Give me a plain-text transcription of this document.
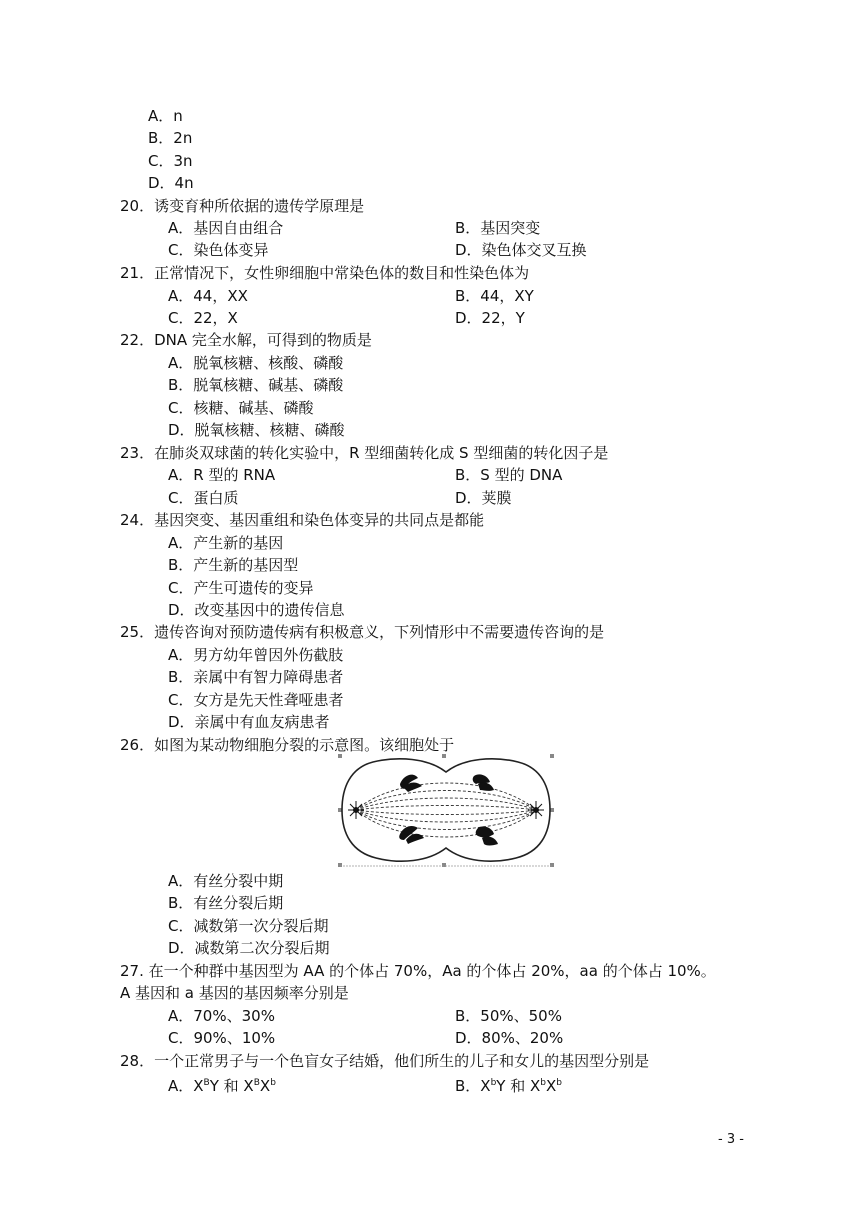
A．n
B．2n
C．3n
D．4n
20．诱变育种所依据的遗传学原理是
A．基因自由组合	B．基因突变
C．染色体变异	D．染色体交叉互换
21．正常情况下，女性卵细胞中常染色体的数目和性染色体为
A．44，XX	B．44，XY
C．22，X	D．22，Y
22．DNA 完全水解，可得到的物质是
A．脱氧核糖、核酸、磷酸
B．脱氧核糖、碱基、磷酸
C．核糖、碱基、磷酸
D．脱氧核糖、核糖、磷酸
23．在肺炎双球菌的转化实验中，R 型细菌转化成 S 型细菌的转化因子是
A．R 型的 RNA	B．S 型的 DNA
C．蛋白质	D．荚膜
24．基因突变、基因重组和染色体变异的共同点是都能
A．产生新的基因
B．产生新的基因型
C．产生可遗传的变异
D．改变基因中的遗传信息
25．遗传咨询对预防遗传病有积极意义，下列情形中不需要遗传咨询的是
A．男方幼年曾因外伤截肢
B．亲属中有智力障碍患者
C．女方是先天性聋哑患者
D．亲属中有血友病患者
26．如图为某动物细胞分裂的示意图。该细胞处于
A．有丝分裂中期
B．有丝分裂后期
C．减数第一次分裂后期
D．减数第二次分裂后期
27. 在一个种群中基因型为 AA 的个体占 70%，Aa 的个体占 20%，aa 的个体占 10%。
A 基因和 a 基因的基因频率分别是
A．70%、30%	B．50%、50%
C．90%、10%	D．80%、20%
28．一个正常男子与一个色盲女子结婚，他们所生的儿子和女儿的基因型分别是
A．$X^BY$ 和 $X^BX^b$	B．$X^bY$ 和 $X^bX^b$
- 3 -
